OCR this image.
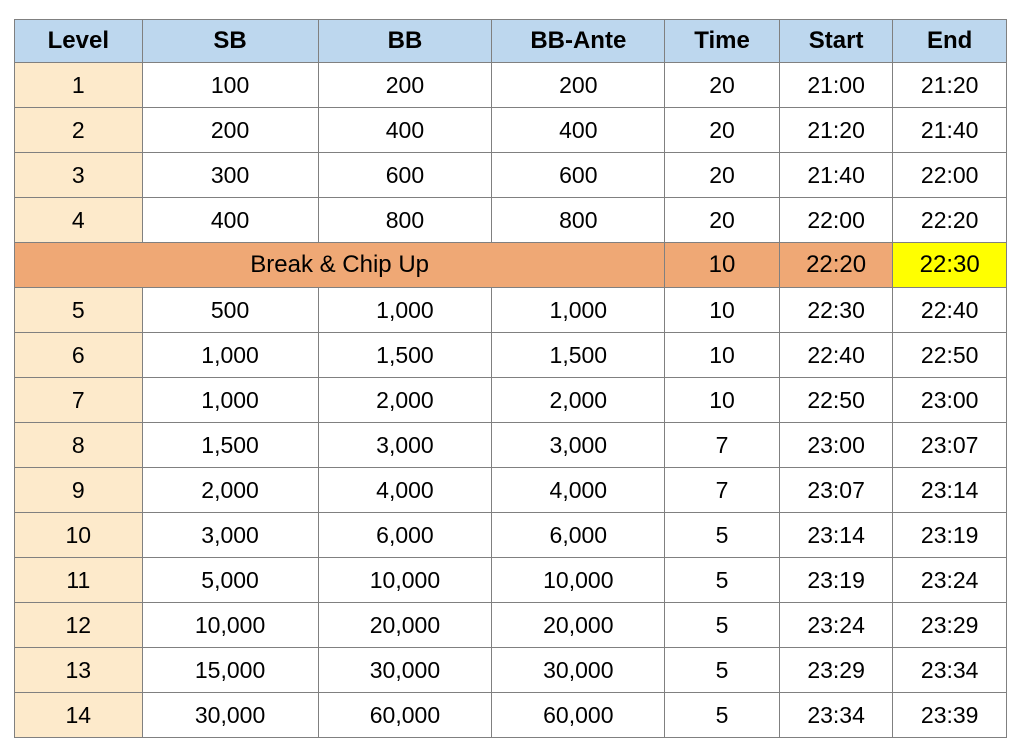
Level	SB	BB	BB-Ante	Time	Start	End
1	100	200	200	20	21:00	21:20
2	200	400	400	20	21:20	21:40
3	300	600	600	20	21:40	22:00
4	400	800	800	20	22:00	22:20
Break & Chip Up				10	22:20	22:30
5	500	1,000	1,000	10	22:30	22:40
6	1,000	1,500	1,500	10	22:40	22:50
7	1,000	2,000	2,000	10	22:50	23:00
8	1,500	3,000	3,000	7	23:00	23:07
9	2,000	4,000	4,000	7	23:07	23:14
10	3,000	6,000	6,000	5	23:14	23:19
11	5,000	10,000	10,000	5	23:19	23:24
12	10,000	20,000	20,000	5	23:24	23:29
13	15,000	30,000	30,000	5	23:29	23:34
14	30,000	60,000	60,000	5	23:34	23:39
